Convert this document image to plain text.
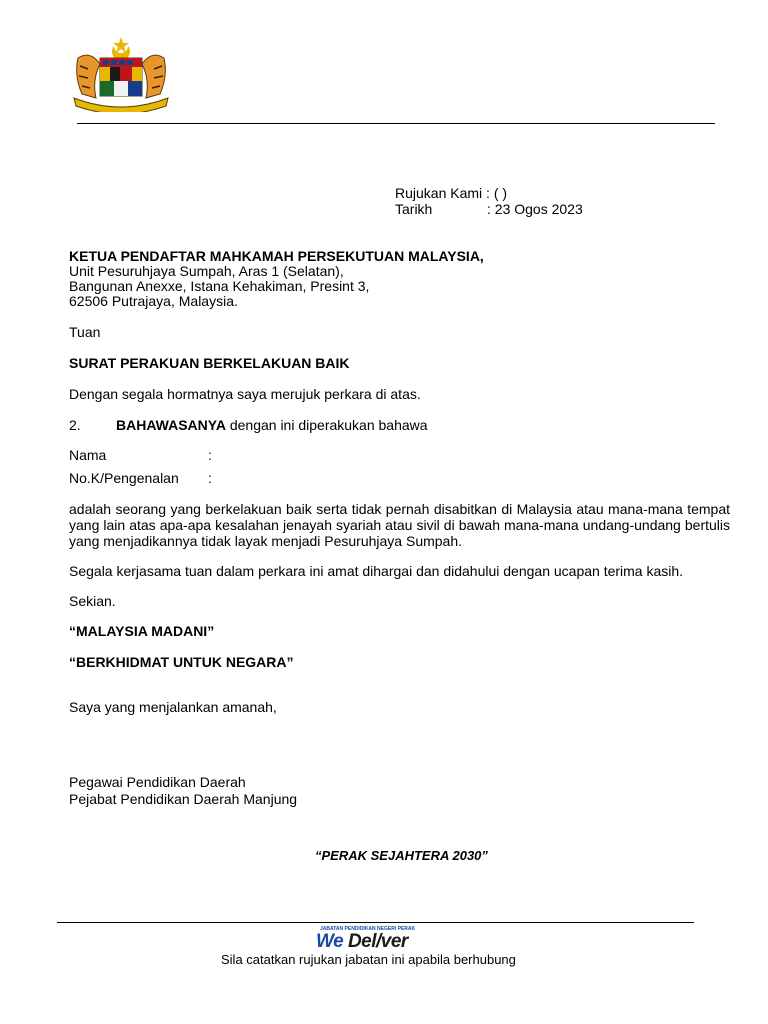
Rujukan Kami : ( )
Tarikh	: 23 Ogos 2023
KETUA PENDAFTAR MAHKAMAH PERSEKUTUAN MALAYSIA,
Unit Pesuruhjaya Sumpah, Aras 1 (Selatan),
Bangunan Anexxe, Istana Kehakiman, Presint 3,
62506 Putrajaya, Malaysia.
Tuan
SURAT PERAKUAN BERKELAKUAN BAIK
Dengan segala hormatnya saya merujuk perkara di atas.
2.	BAHAWASANYA dengan ini diperakukan bahawa
Nama	:
No.K/Pengenalan :
adalah seorang yang berkelakuan baik serta tidak pernah disabitkan di Malaysia atau mana-mana tempat yang lain atas apa-apa kesalahan jenayah syariah atau sivil di bawah mana-mana undang-undang bertulis yang menjadikannya tidak layak menjadi Pesuruhjaya Sumpah.
Segala kerjasama tuan dalam perkara ini amat dihargai dan didahului dengan ucapan terima kasih.
Sekian.
“MALAYSIA MADANI”
“BERKHIDMAT UNTUK NEGARA”
Saya yang menjalankan amanah,
Pegawai Pendidikan Daerah
Pejabat Pendidikan Daerah Manjung
“PERAK SEJAHTERA 2030”
JABATAN PENDIDIKAN NEGERI PERAK
We Del/ver
Sila catatkan rujukan jabatan ini apabila berhubung
